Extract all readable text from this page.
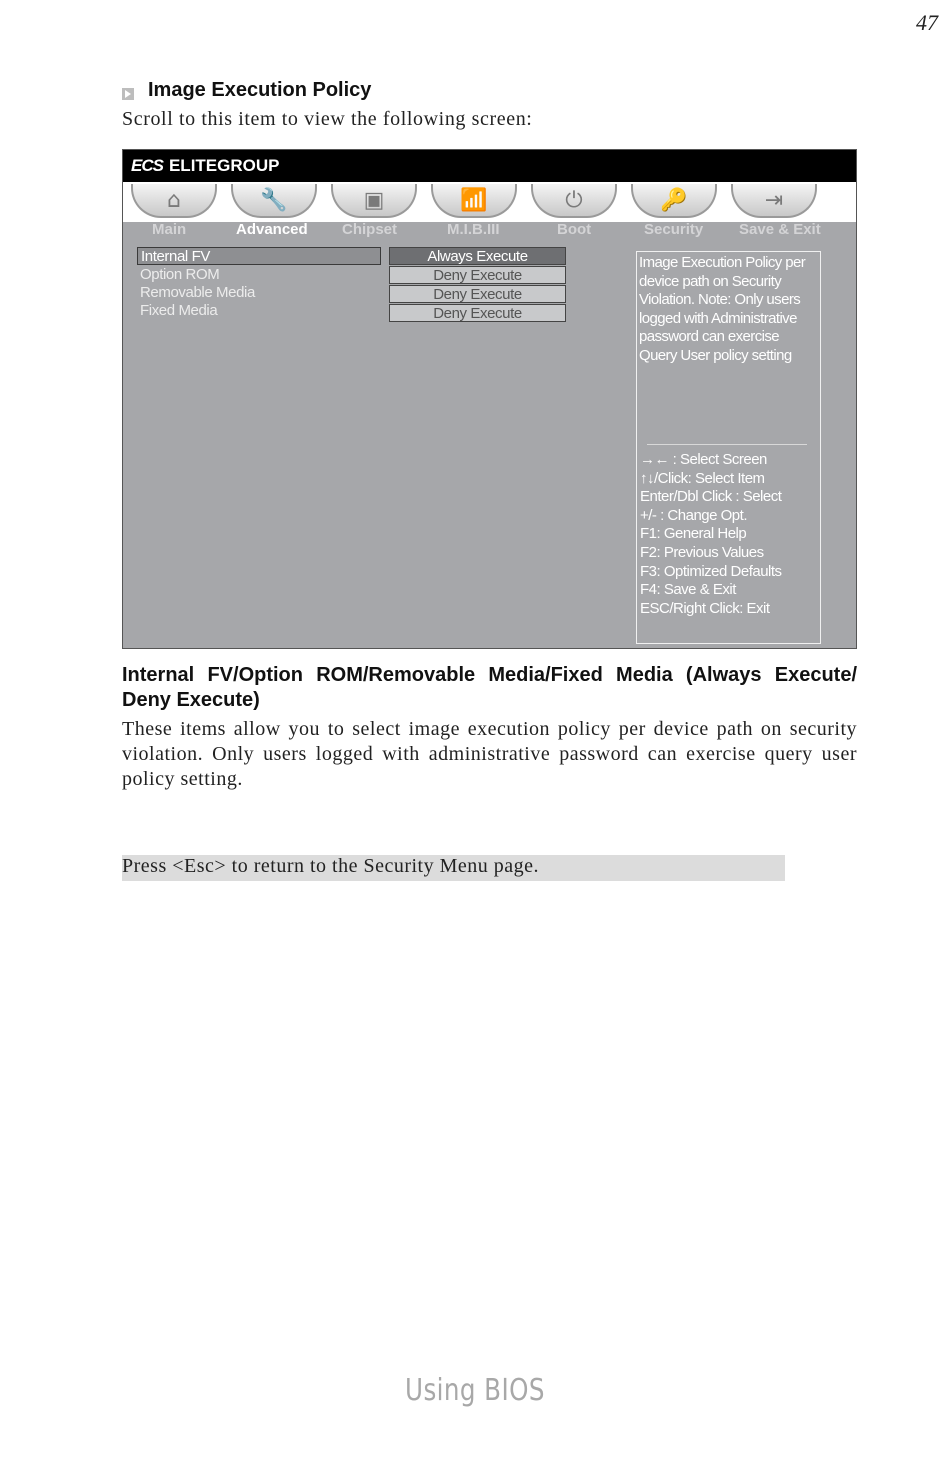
47
Image Execution Policy
Scroll to this item to view the following screen:
ECS ELITEGROUP
⌂	🔧	▣	📶	⏻	🔑	⇥
Main	Advanced Chipset	M.I.B.III	Boot	Security Save & Exit
Internal FV
Option ROM
Removable Media
Fixed Media
Always Execute
Deny Execute
Deny Execute
Deny Execute
Image Execution Policy per device path on Security Violation. Note: Only users logged with Administrative password can exercise Query User policy setting
→← : Select Screen
↑↓/Click: Select Item
Enter/Dbl Click : Select
+/- : Change Opt.
F1: General Help
F2: Previous Values
F3: Optimized Defaults
F4: Save & Exit
ESC/Right Click: Exit
Internal FV/Option ROM/Removable Media/Fixed Media (Always Execute/ Deny Execute)
These items allow you to select image execution policy per device path on security violation. Only users logged with administrative password can exercise query user policy setting.
Press <Esc> to return to the Security Menu page.
Using BIOS
